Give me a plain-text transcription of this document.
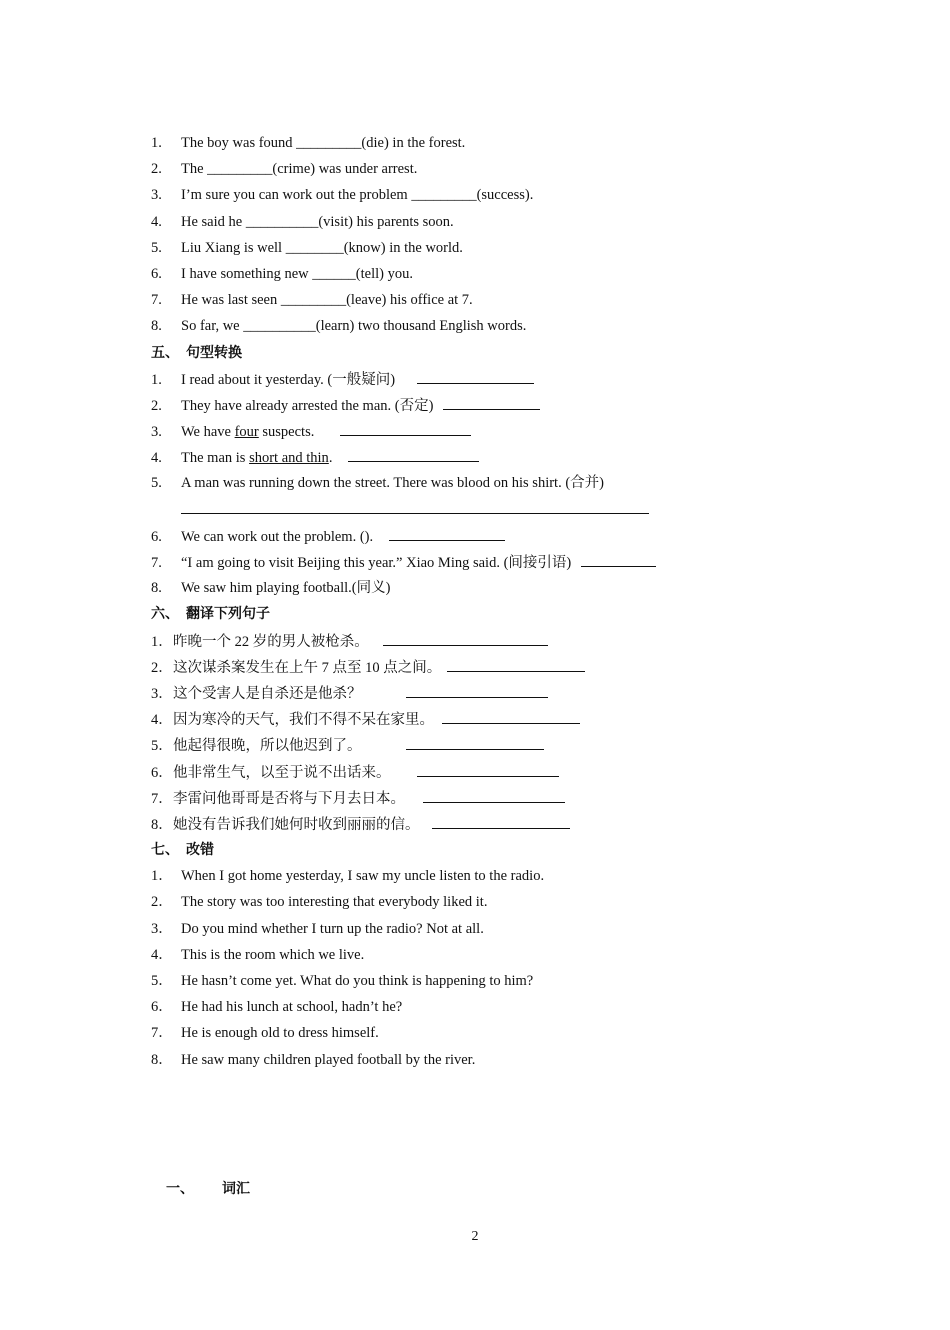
1. The boy was found _________(die) in the forest.
2. The _________(crime) was under arrest.
3. I’m sure you can work out the problem _________(success).
4. He said he __________(visit) his parents soon.
5. Liu Xiang is well ________(know) in the world.
6. I have something new ______(tell) you.
7. He was last seen _________(leave) his office at 7.
8. So far, we __________(learn) two thousand English words.
五、 句型转换
1. I read about it yesterday. (一般疑问)
2. They have already arrested the man. (否定)
3. We have four suspects.
4. The man is short and thin.
5. A man was running down the street. There was blood on his shirt. (合并)
6. We can work out the problem. ().
7. “I am going to visit Beijing this year.” Xiao Ming said. (间接引语)
8. We saw him playing football.(同义)
六、 翻译下列句子
1．昨晚一个 22 岁的男人被枪杀。
2．这次谋杀案发生在上午 7 点至 10 点之间。
3．这个受害人是自杀还是他杀？
4．因为寒冷的天气，我们不得不呆在家里。
5．他起得很晚，所以他迟到了。
6．他非常生气，以至于说不出话来。
7．李雷问他哥哥是否将与下月去日本。
8．她没有告诉我们她何时收到丽丽的信。
七、 改错
1． When I got home yesterday, I saw my uncle listen to the radio.
2． The story was too interesting that everybody liked it.
3． Do you mind whether I turn up the radio? Not at all.
4． This is the room which we live.
5． He hasn’t come yet. What do you think is happening to him?
6． He had his lunch at school, hadn’t he?
7． He is enough old to dress himself.
8． He saw many children played football by the river.
一、 词汇
2
